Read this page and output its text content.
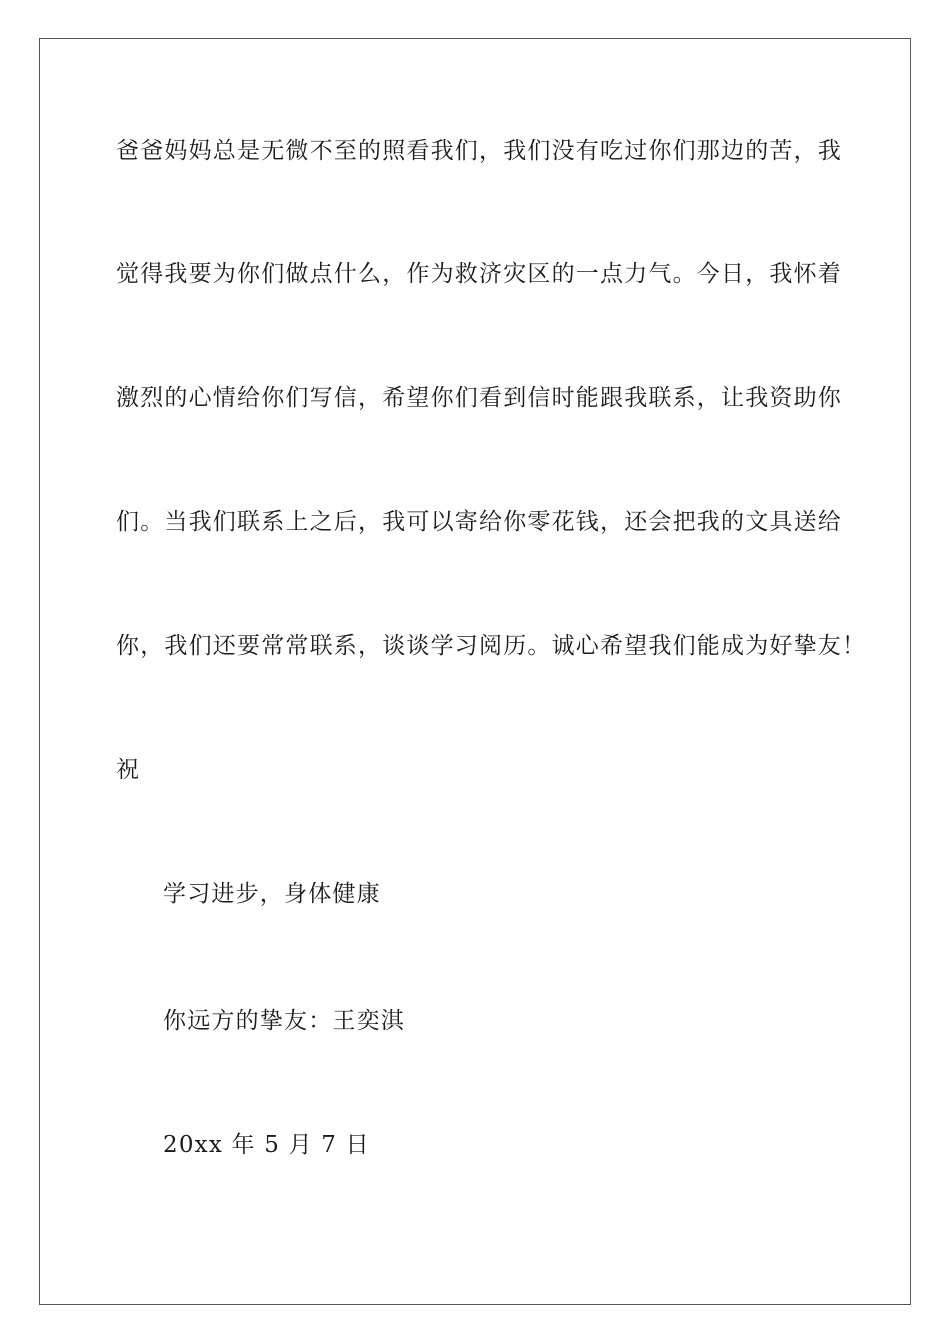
爸爸妈妈总是无微不至的照看我们，我们没有吃过你们那边的苦，我
觉得我要为你们做点什么，作为救济灾区的一点力气。今日，我怀着
激烈的心情给你们写信，希望你们看到信时能跟我联系，让我资助你
们。当我们联系上之后，我可以寄给你零花钱，还会把我的文具送给
你，我们还要常常联系，谈谈学习阅历。诚心希望我们能成为好挚友！
祝
学习进步，身体健康
你远方的挚友：王奕淇
20xx 年 5 月 7 日
